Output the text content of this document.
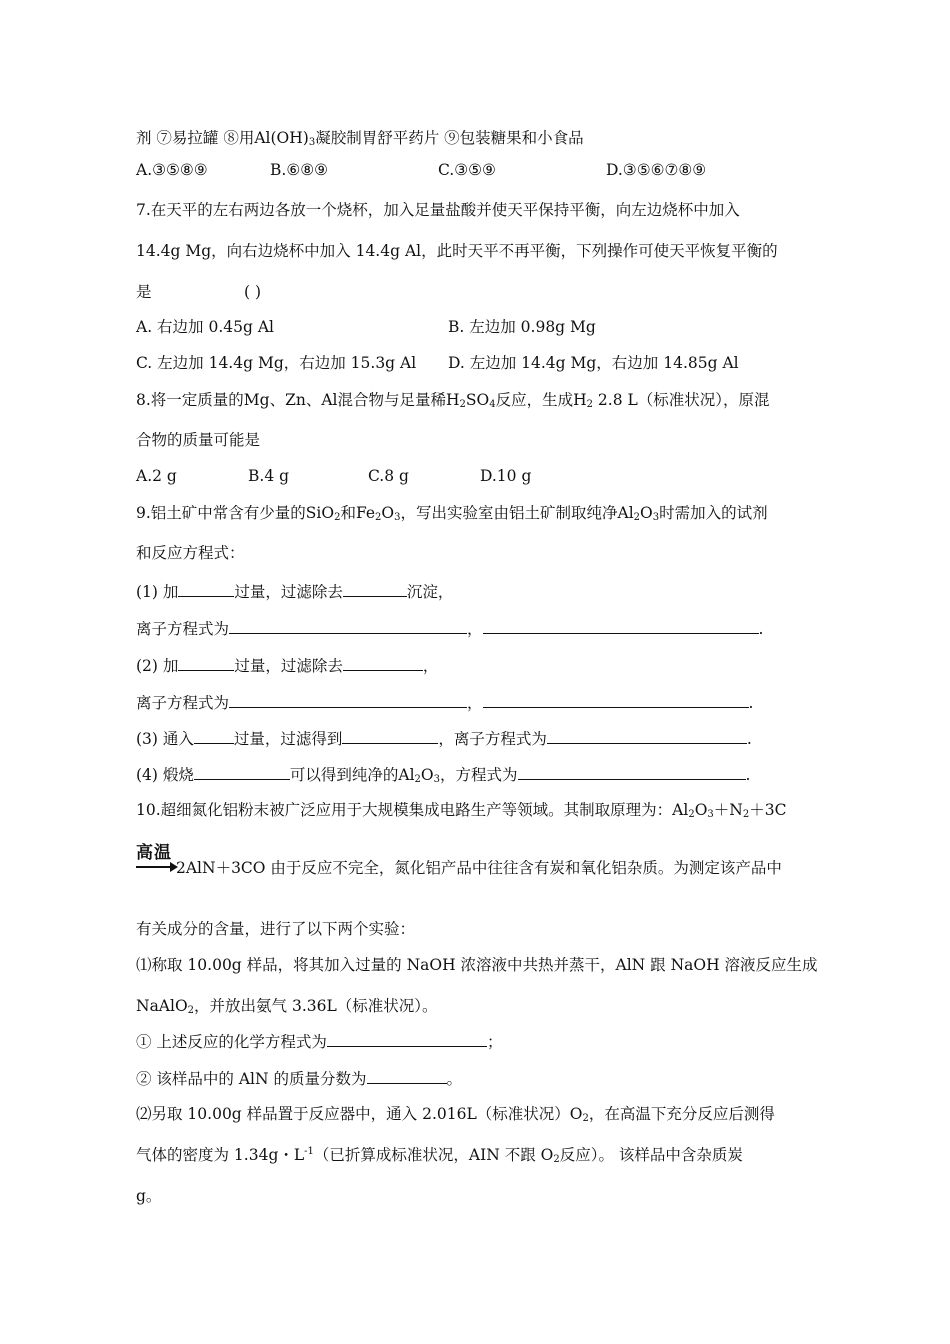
剂 ⑦易拉罐 ⑧用$Al(OH)_3$凝胶制胃舒平药片 ⑨包装糖果和小食品
A.③⑤⑧⑨	B.⑥⑧⑨	C.③⑤⑨	D.③⑤⑥⑦⑧⑨
7.在天平的左右两边各放一个烧杯，加入足量盐酸并使天平保持平衡，向左边烧杯中加入
14.4g Mg，向右边烧杯中加入 14.4g Al，此时天平不再平衡，下列操作可使天平恢复平衡的
是	( )
A. 右边加 0.45g Al	B. 左边加 0.98g Mg
C. 左边加 14.4g Mg，右边加 15.3g Al D. 左边加 14.4g Mg，右边加 14.85g Al
8.将一定质量的Mg、Zn、Al混合物与足量稀$H_2SO_4$反应，生成$H_2$ 2.8 L（标准状况），原混
合物的质量可能是
A.2 g	B.4 g	C.8 g	D.10 g
9.铝土矿中常含有少量的SiO$_2$和$Fe_2O_3$，写出实验室由铝土矿制取纯净$Al_2O_3$时需加入的试剂
和反应方程式：
(1) 加	过量，过滤除去	沉淀，
离子方程式为	，	.
(2) 加	过量，过滤除去	，
离子方程式为	，	.
(3) 通入	过量，过滤得到	，离子方程式为	.
(4) 煅烧	可以得到纯净的$Al_2O_3$，方程式为	.
10.超细氮化铝粉末被广泛应用于大规模集成电路生产等领域。其制取原理为：$Al_2O_3+N_2+3C$
高温
2AlN＋3CO 由于反应不完全，氮化铝产品中往往含有炭和氧化铝杂质。为测定该产品中
有关成分的含量，进行了以下两个实验：
⑴称取 10.00g 样品，将其加入过量的 NaOH 浓溶液中共热并蒸干，AlN 跟 NaOH 溶液反应生成
NaAlO$_2$，并放出氨气 3.36L（标准状况）。
① 上述反应的化学方程式为	；
② 该样品中的 AlN 的质量分数为	。
⑵另取 10.00g 样品置于反应器中，通入 2.016L（标准状况）$O_2$，在高温下充分反应后测得
气体的密度为 1.34g・$L^{-1}$（已折算成标准状况，AIN 不跟 $O_2$反应）。 该样品中含杂质炭
g。
